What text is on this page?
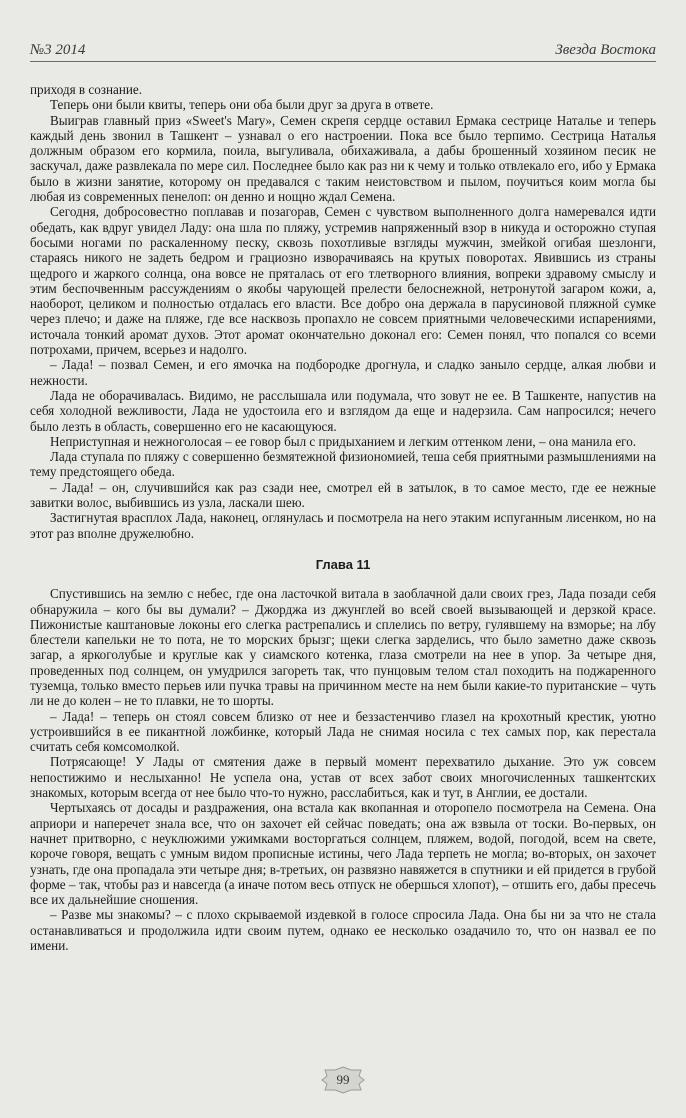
№3 2014	Звезда Востока

приходя в сознание.

Теперь они были квиты, теперь они оба были друг за друга в ответе.

Выиграв главный приз «Sweet's Mary», Семен скрепя сердце оставил Ермака сестрице Наталье и теперь каждый день звонил в Ташкент – узнавал о его настроении. Пока все было терпимо. Сестрица Наталья должным образом его кормила, поила, выгуливала, обихаживала, а дабы брошенный хозяином песик не заскучал, даже развлекала по мере сил. Последнее было как раз ни к чему и только отвлекало его, ибо у Ермака было в жизни занятие, которому он предавался с таким неистовством и пылом, поучиться коим могла бы любая из современных пенелоп: он денно и нощно ждал Семена.

Сегодня, добросовестно поплавав и позагорав, Семен с чувством выполненного долга намеревался идти обедать, как вдруг увидел Ладу: она шла по пляжу, устремив напряженный взор в никуда и осторожно ступая босыми ногами по раскаленному песку, сквозь похотливые взгляды мужчин, змейкой огибая шезлонги, стараясь никого не задеть бедром и грациозно изворачиваясь на крутых поворотах. Явившись из страны щедрого и жаркого солнца, она вовсе не пряталась от его тлетворного влияния, вопреки здравому смыслу и этим беспочвенным рассуждениям о якобы чарующей прелести белоснежной, нетронутой загаром кожи, а, наоборот, целиком и полностью отдалась его власти. Все добро она держала в парусиновой пляжной сумке через плечо; и даже на пляже, где все насквозь пропахло не совсем приятными человеческими испарениями, источала тонкий аромат духов. Этот аромат окончательно доконал его: Семен понял, что попался со всеми потрохами, причем, всерьез и надолго.

– Лада! – позвал Семен, и его ямочка на подбородке дрогнула, и сладко заныло сердце, алкая любви и нежности.

Лада не оборачивалась. Видимо, не расслышала или подумала, что зовут не ее. В Ташкенте, напустив на себя холодной вежливости, Лада не удостоила его и взглядом да еще и надерзила. Сам напросился; нечего было лезть в область, совершенно его не касающуюся.

Неприступная и нежноголосая – ее говор был с придыханием и легким оттенком лени, – она манила его.

Лада ступала по пляжу с совершенно безмятежной физиономией, теша себя приятными размышлениями на тему предстоящего обеда.

– Лада! – он, случившийся как раз сзади нее, смотрел ей в затылок, в то самое место, где ее нежные завитки волос, выбившись из узла, ласкали шею.

Застигнутая врасплох Лада, наконец, оглянулась и посмотрела на него этаким испуганным лисенком, но на этот раз вполне дружелюбно.

Глава 11

Спустившись на землю с небес, где она ласточкой витала в заоблачной дали своих грез, Лада позади себя обнаружила – кого бы вы думали? – Джорджа из джунглей во всей своей вызывающей и дерзкой красе. Пижонистые каштановые локоны его слегка растрепались и сплелись по ветру, гулявшему на взморье; на лбу блестели капельки не то пота, не то морских брызг; щеки слегка зарделись, что было заметно даже сквозь загар, а яркоголубые и круглые как у сиамского котенка, глаза смотрели на нее в упор. За четыре дня, проведенных под солнцем, он умудрился загореть так, что пунцовым телом стал походить на поджаренного туземца, только вместо перьев или пучка травы на причинном месте на нем были какие-то пуританские – чуть ли не до колен – не то плавки, не то шорты.

– Лада! – теперь он стоял совсем близко от нее и беззастенчиво глазел на крохотный крестик, уютно устроившийся в ее пикантной ложбинке, который Лада не снимая носила с тех самых пор, как перестала считать себя комсомолкой.

Потрясающе! У Лады от смятения даже в первый момент перехватило дыхание. Это уж совсем непостижимо и неслыханно! Не успела она, устав от всех забот своих многочисленных ташкентских знакомых, которым всегда от нее было что-то нужно, расслабиться, как и тут, в Англии, ее достали.

Чертыхаясь от досады и раздражения, она встала как вкопанная и оторопело посмотрела на Семена. Она априори и наперечет знала все, что он захочет ей сейчас поведать; она аж взвыла от тоски. Во-первых, он начнет притворно, с неуклюжими ужимками восторгаться солнцем, пляжем, водой, погодой, всем на свете, короче говоря, вещать с умным видом прописные истины, чего Лада терпеть не могла; во-вторых, он захочет узнать, где она пропадала эти четыре дня; в-третьих, он развязно навяжется в спутники и ей придется в грубой форме – так, чтобы раз и навсегда (а иначе потом весь отпуск не обершься хлопот), – отшить его, дабы пресечь все их дальнейшие сношения.

– Разве мы знакомы? – с плохо скрываемой издевкой в голосе спросила Лада. Она бы ни за что не стала останавливаться и продолжила идти своим путем, однако ее несколько озадачило то, что он назвал ее по имени.

99
